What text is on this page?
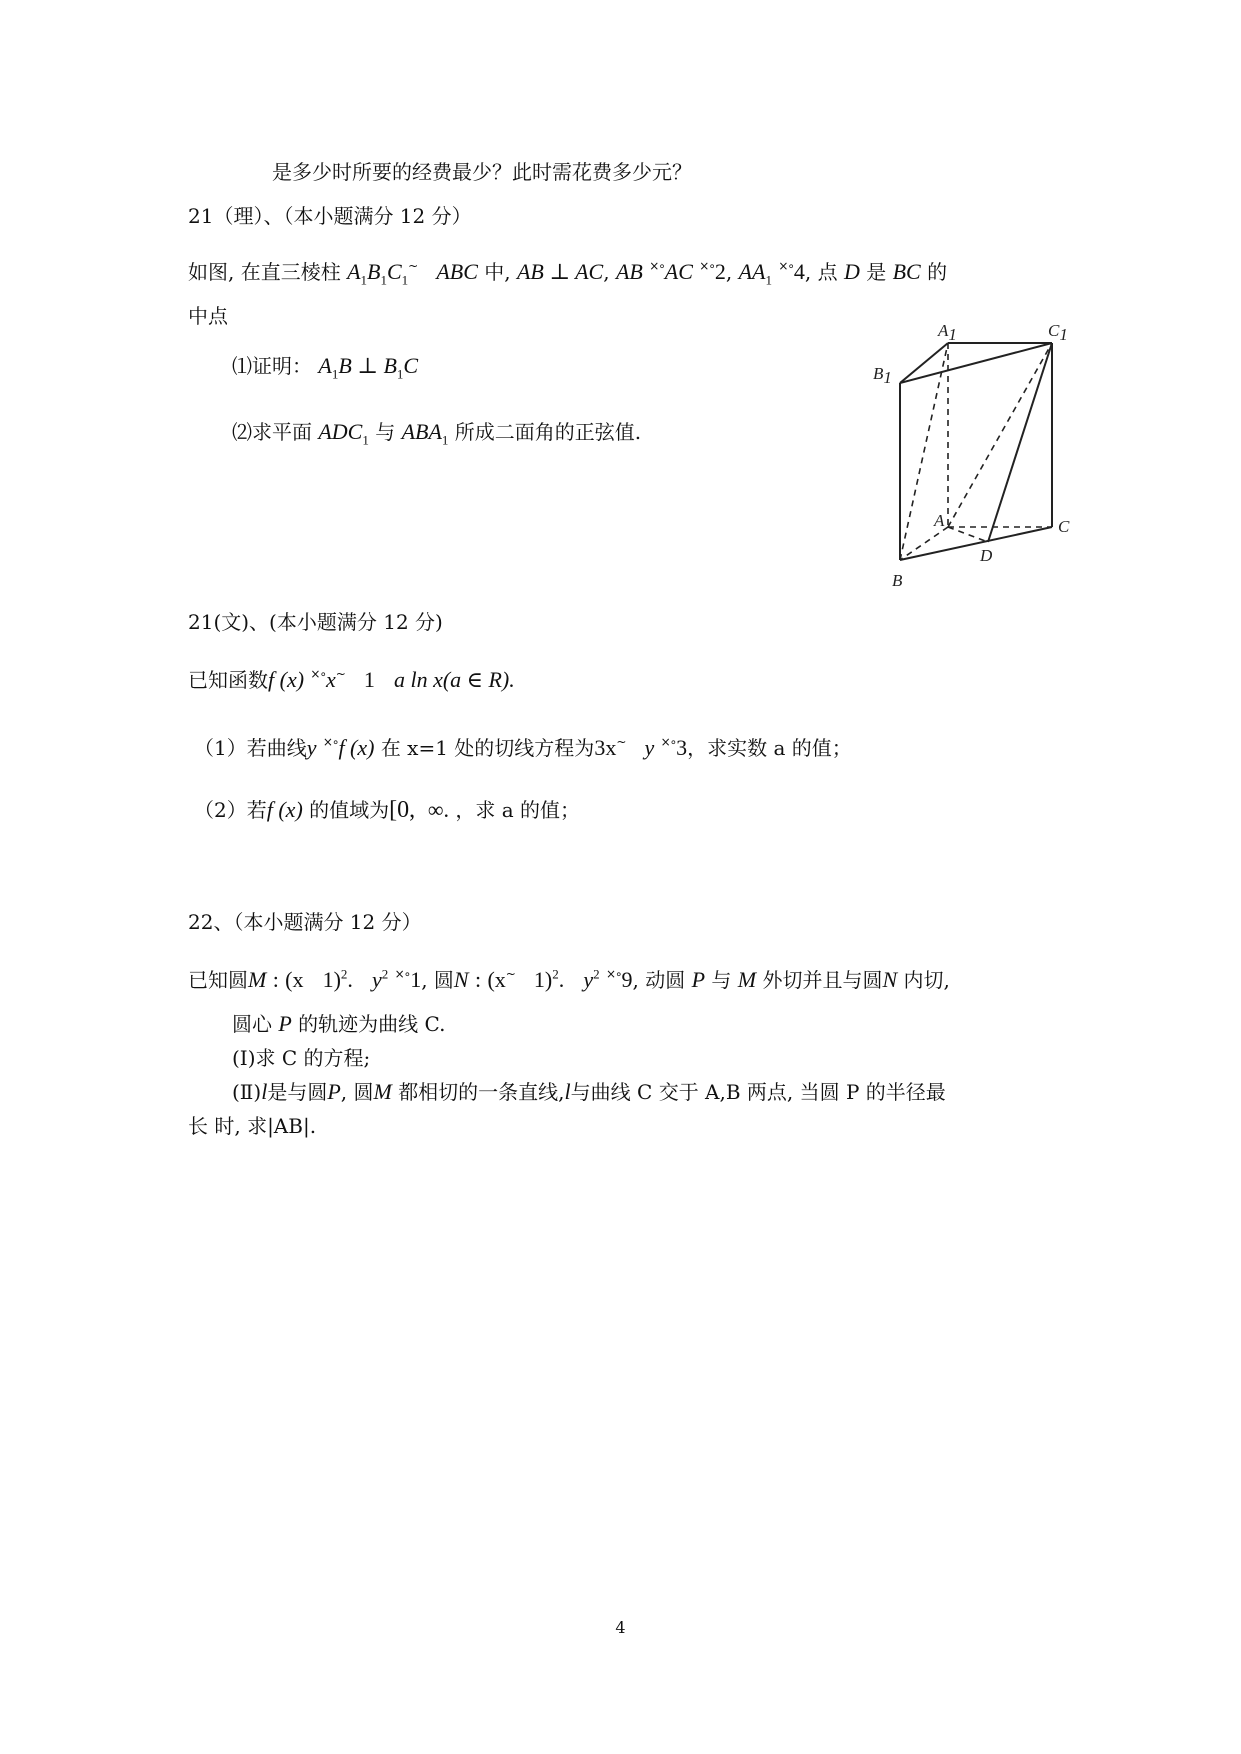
是多少时所要的经费最少？此时需花费多少元？
21（理）、（本小题满分 12 分）
如图, 在直三棱柱 $A_1B_1C_1^\sim$ ABC 中, AB ⊥ AC, AB ×∘AC ×∘2, $AA_1$ ×∘4, 点 D 是 BC 的
中点
⑴证明： $A_1B$ ⊥ $B_1C$
⑵求平面 $ADC_1$ 与 $ABA_1$ 所成二面角的正弦值.
A1	C1
B1
A	C
D
B
21(文)、(本小题满分 12 分)
已知函数f (x) ×∘x~ 1 a ln x(a ∈ R).
（1）若曲线y ×∘f (x) 在 x=1 处的切线方程为3x~ y ×∘3，求实数 a 的值；
（2）若f (x) 的值域为[0, ∞. ，求 a 的值；
22、（本小题满分 12 分）
已知圆M : (x 1)$^2$. $y^2$ ×∘1, 圆N : (x~ 1)$^2$. $y^2$ ×∘9, 动圆 P 与 M 外切并且与圆N 内切,
圆心 P 的轨迹为曲线 C.
(Ⅰ)求 C 的方程;
(Ⅱ)l是与圆P, 圆M 都相切的一条直线,l与曲线 C 交于 A,B 两点, 当圆 P 的半径最
长 时, 求|AB|.
4
